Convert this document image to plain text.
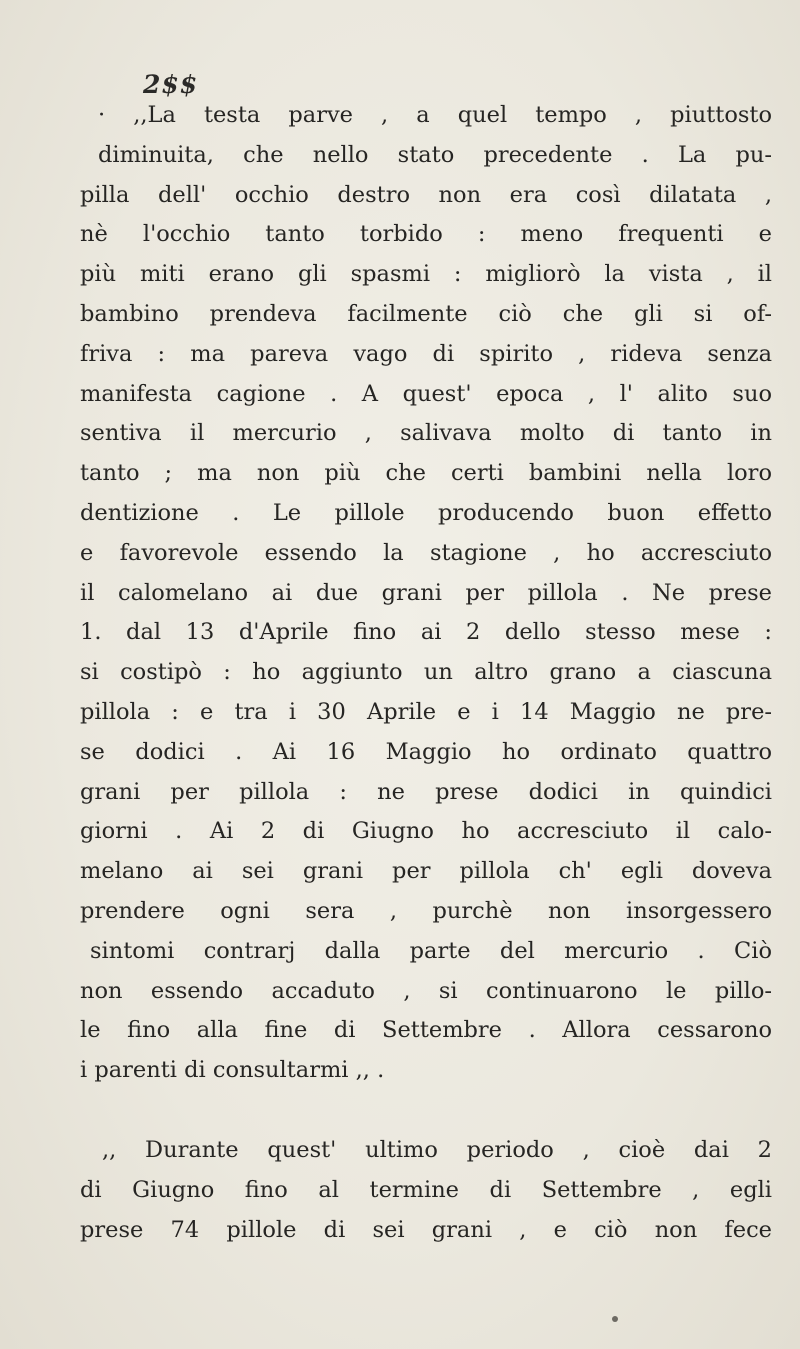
2$$
· ,,La testa parve , a quel tempo , piuttosto
diminuita, che nello stato precedente . La pu-
pilla dell' occhio destro non era così dilatata ,
nè l'occhio tanto torbido : meno frequenti e
più miti erano gli spasmi : migliorò la vista , il
bambino prendeva facilmente ciò che gli si of-
friva : ma pareva vago di spirito , rideva senza
manifesta cagione . A quest' epoca , l' alito suo
sentiva il mercurio , salivava molto di tanto in
tanto ; ma non più che certi bambini nella loro
dentizione . Le pillole producendo buon effetto
e favorevole essendo la stagione , ho accresciuto
il calomelano ai due grani per pillola . Ne prese
1. dal 13 d'Aprile fino ai 2 dello stesso mese :
si costipò : ho aggiunto un altro grano a ciascuna
pillola : e tra i 30 Aprile e i 14 Maggio ne pre-
se dodici . Ai 16 Maggio ho ordinato quattro
grani per pillola : ne prese dodici in quindici
giorni . Ai 2 di Giugno ho accresciuto il calo-
melano ai sei grani per pillola ch' egli doveva
prendere ogni sera , purchè non insorgessero
sintomi contrarj dalla parte del mercurio . Ciò
non essendo accaduto , si continuarono le pillo-
le fino alla fine di Settembre . Allora cessarono
i parenti di consultarmi ,, .
,, Durante quest' ultimo periodo , cioè dai 2
di Giugno fino al termine di Settembre , egli
prese 74 pillole di sei grani , e ciò non fece
